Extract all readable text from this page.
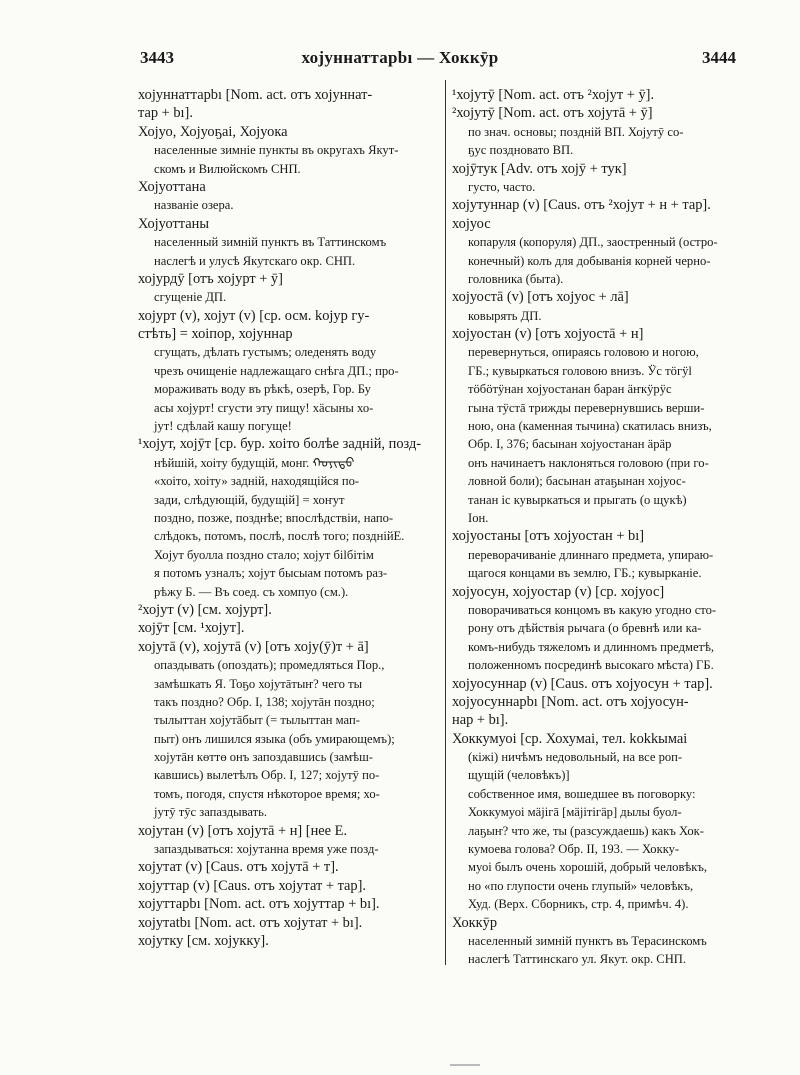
3443	хоjуннаттарbı — Хоккӯр	3444
хоjуннаттарbı [Nom. act. отъ хоjуннат-
тар + bı].
Хоjуо, Хоjуоҕаі, Хоjуока
населенные зимніе пункты въ округахъ Якут-
скомъ и Вилюйскомъ СНП.
Хоjуоттана
названіе озера.
Хоjуоттаны
населенный зимній пунктъ въ Таттинскомъ
наслегѣ и улусѣ Якутскаго окр. СНП.
хоjурдӯ [отъ хоjурт + ӯ]
сгущеніе ДП.
хоjурт (v), хоjут (v) [ср. осм. kојур гу-
стѣть] = хоіпор, хоjуннар
сгущать, дѣлать густымъ; оледенять воду
чрезъ очищеніе надлежащаго снѣга ДП.; про-
мораживать воду въ рѣкѣ, озерѣ, Гор. Бу
асы хоjурт! сгусти эту пищу! хäсыны хо-
jут! сдѣлай кашу погуще!
¹хоjут, хоjӯт [ср. бур. хоіто болѣе задній, позд-
нѣйшій, хоіту будущій, монг. ᠬᠣᠶᠢᠲᠤ
«хоіто, хоіту» задній, находящійся по-
зади, слѣдующій, будущій] = хоҥут
поздно, позже, позднѣе; впослѣдствіи, напо-
слѣдокъ, потомъ, послѣ, послѣ того; позднійЕ.
Хоjут буолла поздно стало; хоjут біlбітім
я потомъ узналъ; хоjут бысыам потомъ раз-
рѣжу Б. — Въ соед. съ хомпуо (см.).
²хоjут (v) [см. хоjурт].
хоjӯт [см. ¹хоjут].
хоjутā (v), хоjутā (v) [отъ хоjу(ӯ)т + ā]
опаздывать (опоздать); промедляться Пор.,
замѣшкать Я. Тоҕо хоjутāтыҥ? чего ты
такъ поздно? Обр. I, 138; хоjутāн поздно;
тылыттан хоjутāбыт (= тылыттан мап-
пыт) онъ лишился языка (объ умирающемъ);
хоjутāн көттө онъ запоздавшись (замѣш-
кавшись) вылетѣлъ Обр. I, 127; хоjутӯ по-
томъ, погодя, спустя нѣкоторое время; хо-
jутӯ тӯс запаздывать.
хоjутан (v) [отъ хоjутā + н] [нее Е.
запаздываться: хоjутанна время уже позд-
хоjутат (v) [Caus. отъ хоjутā + т].
хоjуттар (v) [Caus. отъ хоjутат + тар].
хоjуттарbı [Nom. act. отъ хоjуттар + bı].
хоjутatbı [Nom. act. отъ хоjутат + bı].
хоjутку [см. хоjукку].
¹хоjутӯ [Nom. act. отъ ²хоjут + ӯ].
²хоjутӯ [Nom. act. отъ хоjутā + ӯ]
по знач. основы; поздній ВП. Хоjутӯ со-
ҕус поздновато ВП.
хоjӯтук [Adv. отъ хоjӯ + тук]
густо, часто.
хоjутуннар (v) [Caus. отъ ²хоjут + н + тар].
хоjуос
копаруля (копоруля) ДП., заостренный (остро-
конечный) колъ для добыванія корней черно-
головника (быта).
хоjуостā (v) [отъ хоjуос + лā]
ковырять ДП.
хоjуостан (v) [отъ хоjуостā + н]
перевернуться, опираясь головою и ногою,
ГБ.; кувыркаться головою внизъ. Ӱс тӧгӱl
тӧбӧтӱнан хоjуостанан баран ӓҥкӱрӱс
гына тӱстā трижды перевернувшись верши-
ною, она (каменная тычина) скатилась внизъ,
Обр. I, 376; басынан хоjуостанан ӓрӓр
онъ начинаетъ наклоняться головою (при го-
ловной боли); басынан атаҕынан хоjуос-
танан іс кувыркаться и прыгать (о щукѣ)
Іон.
хоjуостаны [отъ хоjуостан + bı]
переворачиваніе длиннаго предмета, упираю-
щагося концами въ землю, ГБ.; кувырканіе.
хоjуосун, хоjуостар (v) [ср. хоjуос]
поворачиваться концомъ въ какую угодно сто-
рону отъ дѣйствія рычага (о бревнѣ или ка-
комъ-нибудь тяжеломъ и длинномъ предметѣ,
положенномъ посрединѣ высокаго мѣста) ГБ.
хоjуосуннар (v) [Caus. отъ хоjуосун + тар].
хоjуосуннарbı [Nom. act. отъ хоjуосун-
нар + bı].
Хоккумуоі [ср. Хохумаі, тел. kokkымаі
(кіжі) ничѣмъ недовольный, на все роп-
щущій (человѣкъ)]
собственное имя, вошедшее въ поговорку:
Хоккумуоі мäjігā [мäjітігäр] дылы буол-
лаҕыҥ? что же, ты (разсуждаешь) какъ Хок-
кумоева голова? Обр. II, 193. — Хокку-
муоі былъ очень хорошій, добрый человѣкъ,
но «по глупости очень глупый» человѣкъ,
Худ. (Верх. Сборникъ, стр. 4, примѣч. 4).
Хоккӯр
населенный зимній пунктъ въ Терасинскомъ
наслегѣ Таттинскаго ул. Якут. окр. СНП.
